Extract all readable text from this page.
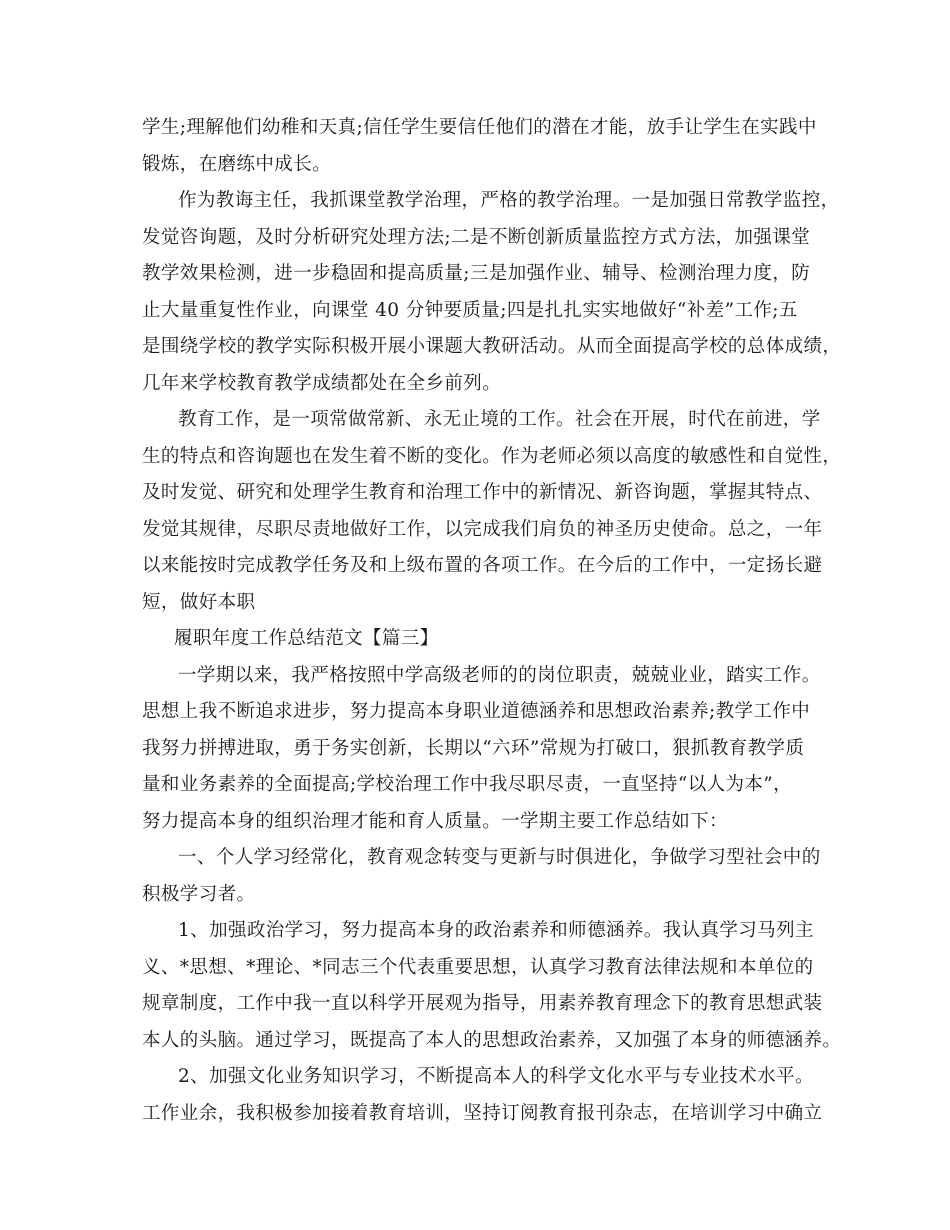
学生;理解他们幼稚和天真;信任学生要信任他们的潜在才能，放手让学生在实践中
锻炼，在磨练中成长。
作为教诲主任，我抓课堂教学治理，严格的教学治理。一是加强日常教学监控，
发觉咨询题，及时分析研究处理方法;二是不断创新质量监控方式方法，加强课堂
教学效果检测，进一步稳固和提高质量;三是加强作业、辅导、检测治理力度，防
止大量重复性作业，向课堂 40 分钟要质量;四是扎扎实实地做好“补差”工作;五
是围绕学校的教学实际积极开展小课题大教研活动。从而全面提高学校的总体成绩，
几年来学校教育教学成绩都处在全乡前列。
教育工作，是一项常做常新、永无止境的工作。社会在开展，时代在前进，学
生的特点和咨询题也在发生着不断的变化。作为老师必须以高度的敏感性和自觉性，
及时发觉、研究和处理学生教育和治理工作中的新情况、新咨询题，掌握其特点、
发觉其规律，尽职尽责地做好工作，以完成我们肩负的神圣历史使命。总之，一年
以来能按时完成教学任务及和上级布置的各项工作。在今后的工作中，一定扬长避
短，做好本职
履职年度工作总结范文【篇三】
一学期以来，我严格按照中学高级老师的的岗位职责，兢兢业业，踏实工作。
思想上我不断追求进步，努力提高本身职业道德涵养和思想政治素养;教学工作中
我努力拼搏进取，勇于务实创新，长期以“六环”常规为打破口，狠抓教育教学质
量和业务素养的全面提高;学校治理工作中我尽职尽责，一直坚持“以人为本”，
努力提高本身的组织治理才能和育人质量。一学期主要工作总结如下：
一、个人学习经常化，教育观念转变与更新与时俱进化，争做学习型社会中的
积极学习者。
1、加强政治学习，努力提高本身的政治素养和师德涵养。我认真学习马列主
义、*思想、*理论、*同志三个代表重要思想，认真学习教育法律法规和本单位的
规章制度，工作中我一直以科学开展观为指导，用素养教育理念下的教育思想武装
本人的头脑。通过学习，既提高了本人的思想政治素养，又加强了本身的师德涵养。
2、加强文化业务知识学习，不断提高本人的科学文化水平与专业技术水平。
工作业余，我积极参加接着教育培训，坚持订阅教育报刊杂志，在培训学习中确立
